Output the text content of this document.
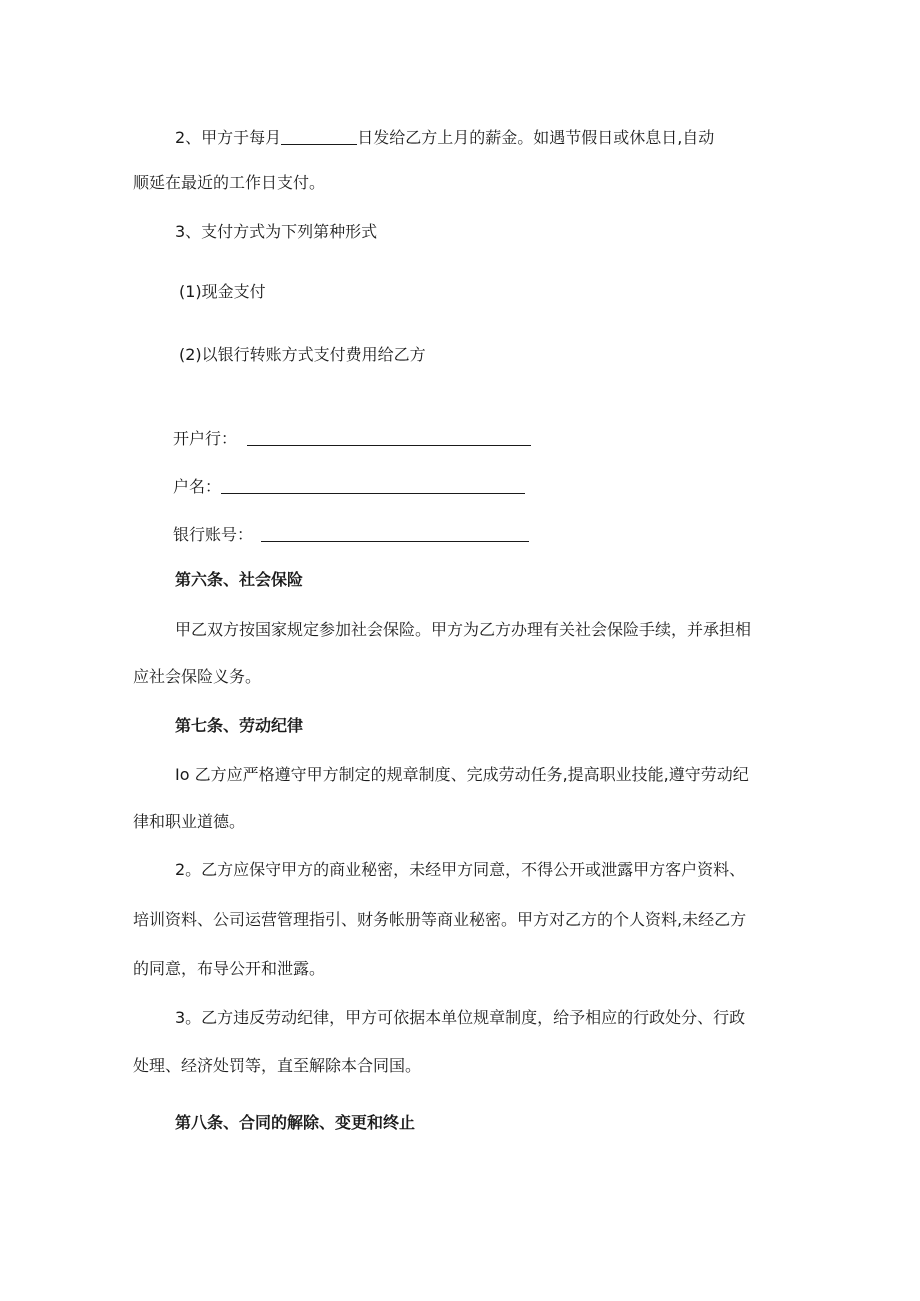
2、甲方于每月	日发给乙方上月的薪金。如遇节假日或休息日,自动
顺延在最近的工作日支付。
3、支付方式为下列第种形式
(1)现金支付
(2)以银行转账方式支付费用给乙方
开户行：
户名：
银行账号：
第六条、社会保险
甲乙双方按国家规定参加社会保险。甲方为乙方办理有关社会保险手续，并承担相
应社会保险义务。
第七条、劳动纪律
Io 乙方应严格遵守甲方制定的规章制度、完成劳动任务,提高职业技能,遵守劳动纪
律和职业道德。
2。乙方应保守甲方的商业秘密，未经甲方同意，不得公开或泄露甲方客户资料、
培训资料、公司运营管理指引、财务帐册等商业秘密。甲方对乙方的个人资料,未经乙方
的同意，布导公开和泄露。
3。乙方违反劳动纪律，甲方可依据本单位规章制度，给予相应的行政处分、行政
处理、经济处罚等，直至解除本合同国。
第八条、合同的解除、变更和终止
